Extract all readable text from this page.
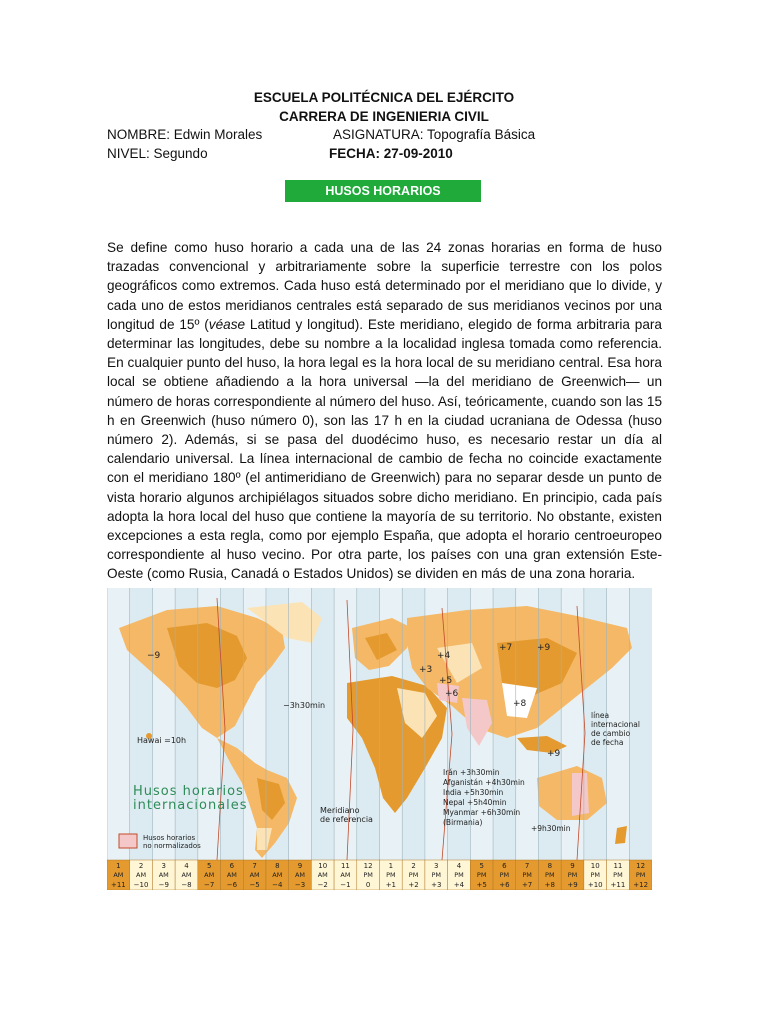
ESCUELA POLITÉCNICA DEL EJÉRCITO
CARRERA DE INGENIERIA CIVIL
NOMBRE: Edwin Morales	ASIGNATURA: Topografía Básica
NIVEL: Segundo	FECHA: 27-09-2010
HUSOS HORARIOS
Se define como huso horario a cada una de las 24 zonas horarias en forma de huso trazadas convencional y arbitrariamente sobre la superficie terrestre con los polos geográficos como extremos. Cada huso está determinado por el meridiano que lo divide, y cada uno de estos meridianos centrales está separado de sus meridianos vecinos por una longitud de 15º (véase Latitud y longitud). Este meridiano, elegido de forma arbitraria para determinar las longitudes, debe su nombre a la localidad inglesa tomada como referencia. En cualquier punto del huso, la hora legal es la hora local de su meridiano central. Esa hora local se obtiene añadiendo a la hora universal —la del meridiano de Greenwich— un número de horas correspondiente al número del huso. Así, teóricamente, cuando son las 15 h en Greenwich (huso número 0), son las 17 h en la ciudad ucraniana de Odessa (huso número 2). Además, si se pasa del duodécimo huso, es necesario restar un día al calendario universal. La línea internacional de cambio de fecha no coincide exactamente con el meridiano 180º (el antimeridiano de Greenwich) para no separar desde un punto de vista horario algunos archipiélagos situados sobre dicho meridiano. En principio, cada país adopta la hora local del huso que contiene la mayoría de su territorio. No obstante, existen excepciones a esta regla, como por ejemplo España, que adopta el horario centroeuropeo correspondiente al huso vecino. Por otra parte, los países con una gran extensión Este-Oeste (como Rusia, Canadá o Estados Unidos) se dividen en más de una zona horaria.
Hawai =10h
−3h30min
Meridiano
de referencia
línea
internacional
de cambio
de fecha
Irán +3h30min
Afganistán +4h30min
India +5h30min
Nepal +5h40min
Myanmar +6h30min
(Birmania)
+9h30min
−9
+3
+4
+5
+6
+7	+9
+8
+9
Husos horarios
internacionales
Husos horarios
no normalizados
1
AM
+11
2
AM
−10
3
AM
−9
4
AM
−8
5
AM
−7
6
AM
−6
7
AM
−5
8
AM
−4
9
AM
−3
10
AM
−2
11
AM
−1
12
PM
0
1
PM
+1
2
PM
+2
3
PM
+3
4
PM
+4
5
PM
+5
6
PM
+6
7
PM
+7
8
PM
+8
9
PM
+9
10
PM
+10
11
PM
+11
12
PM
+12
